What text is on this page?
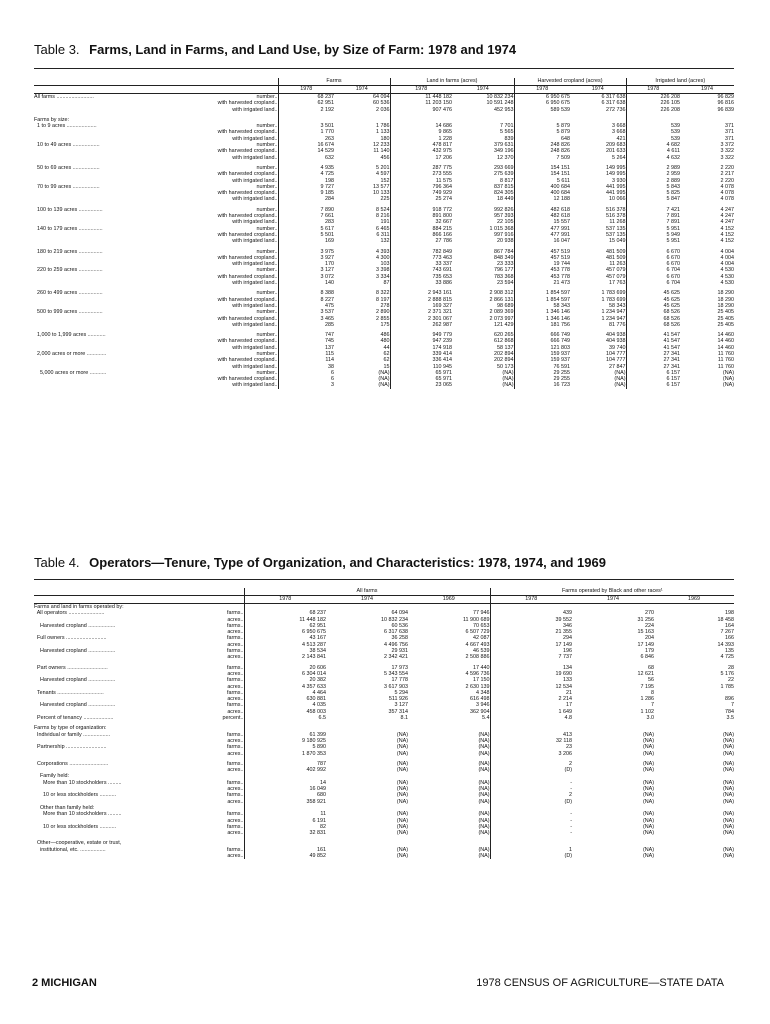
Table 3. Farms, Land in Farms, and Land Use, by Size of Farm: 1978 and 1974
		Farms		Land in farms (acres)		Harvested cropland (acres)		Irrigated land (acres)	
		1978	1974	1978	1974	1978	1974	1978	1974
All farms .........................	number..	68 237	64 094	11 448 182	10 832 234	6 950 675	6 317 638	226 208	96 829
	with harvested cropland..	62 951	60 536	11 203 150	10 591 248	6 950 675	6 317 638	226 105	96 816
	with irrigated land..	2 192	2 036	907 476	452 953	589 539	272 736	226 208	96 839

Farms by size:									
1 to 9 acres ....................	number..	3 501	1 786	14 686	7 701	5 879	3 668	539	371
	with harvested cropland..	1 770	1 133	9 865	5 565	5 879	3 668	539	371
	with irrigated land..	263	180	1 228	839	648	421	539	371
10 to 49 acres ..................	number..	16 674	12 233	478 817	379 631	248 826	209 683	4 682	3 372
	with harvested cropland..	14 529	11 140	432 975	349 196	248 826	201 633	4 611	3 322
	with irrigated land..	632	456	17 206	12 370	7 509	5 264	4 632	3 322

50 to 69 acres ..................	number..	4 935	5 201	287 775	293 669	154 151	149 995	2 989	2 220
	with harvested cropland..	4 725	4 597	273 555	275 639	154 151	149 995	2 959	2 217
	with irrigated land..	198	152	11 575	8 817	5 611	3 930	2 889	2 220
70 to 99 acres ..................	number..	9 727	13 577	796 364	837 815	400 684	441 995	5 843	4 078
	with harvested cropland..	9 185	10 133	749 929	824 305	400 684	441 995	5 825	4 078
	with irrigated land..	284	225	25 274	18 449	12 188	10 066	5 847	4 078

100 to 139 acres ................	number..	7 890	8 524	918 772	992 826	482 618	516 378	7 421	4 247
	with harvested cropland..	7 661	8 216	891 800	957 393	482 618	516 378	7 891	4 247
	with irrigated land..	283	191	32 667	22 105	15 557	11 268	7 891	4 247
140 to 179 acres ................	number..	5 617	6 465	884 215	1 015 368	477 991	537 135	5 951	4 152
	with harvested cropland..	5 501	6 311	866 166	997 916	477 991	537 135	5 949	4 152
	with irrigated land..	169	132	27 786	20 938	16 047	15 049	5 951	4 152

180 to 219 acres ................	number..	3 975	4 393	782 849	867 784	457 519	481 509	6 670	4 004
	with harvested cropland..	3 927	4 300	773 463	848 349	457 519	481 509	6 670	4 004
	with irrigated land..	170	103	33 337	23 333	19 744	11 263	6 670	4 004
220 to 259 acres ................	number..	3 127	3 398	743 691	796 177	453 778	457 079	6 704	4 530
	with harvested cropland..	3 072	3 334	735 653	783 368	453 778	457 079	6 670	4 530
	with irrigated land..	140	87	33 886	23 594	21 473	17 763	6 704	4 530

260 to 499 acres ................	number..	8 388	8 322	2 943 161	2 908 312	1 854 597	1 783 699	45 625	18 290
	with harvested cropland..	8 227	8 197	2 888 815	2 866 131	1 854 597	1 783 699	45 625	18 290
	with irrigated land..	475	278	169 327	98 689	58 343	58 343	45 625	18 290
500 to 999 acres ................	number..	3 537	2 890	2 371 321	2 089 369	1 346 146	1 234 947	68 526	25 405
	with harvested cropland..	3 465	2 855	2 301 067	2 073 997	1 346 146	1 234 947	68 526	25 405
	with irrigated land..	285	175	262 987	121 429	181 756	81 776	68 526	25 405

1,000 to 1,999 acres ............	number..	747	486	949 779	620 265	666 749	404 938	41 547	14 460
	with harvested cropland..	745	480	947 239	612 868	666 749	404 938	41 547	14 460
	with irrigated land..	137	44	174 918	58 137	121 803	39 740	41 547	14 460
2,000 acres or more .............	number..	115	62	339 414	202 894	159 937	104 777	27 341	11 760
	with harvested cropland..	114	62	336 414	202 894	159 937	104 777	27 341	11 760
	with irrigated land..	38	15	110 945	50 173	76 591	27 847	27 341	11 760
5,000 acres or more ...........	number..	6	(NA)	65 971	(NA)	29 255	(NA)	6 157	(NA)
	with harvested cropland..	6	(NA)	65 971	(NA)	29 255	(NA)	6 157	(NA)
	with irrigated land..	3	(NA)	23 065	(NA)	16 723	(NA)	6 157	(NA)
Table 4. Operators—Tenure, Type of Organization, and Characteristics: 1978, 1974, and 1969
		All farms			Farms operated by Black and other races¹		
		1978	1974	1969	1978	1974	1969
Farms and land in farms operated by:							
All operators ........................	farms..	68 237	64 094	77 946	439	270	198
	acres..	11 448 182	10 832 234	11 900 689	39 552	31 256	18 458
Harvested cropland ..................	farms..	62 951	60 536	70 653	346	224	164
	acres..	6 950 675	6 317 638	6 507 729	21 355	15 163	7 267
Full owners ...........................	farms..	43 167	36 258	42 087	294	204	166
	acres..	4 513 287	4 496 756	4 667 493	17 149	17 149	14 393
Harvested cropland ..................	farms..	38 534	29 931	46 539	196	179	135
	acres..	2 143 841	2 342 421	2 508 886	7 737	6 846	4 725

Part owners ...........................	farms..	20 606	17 973	17 440	134	68	28
	acres..	6 304 014	5 343 554	4 596 736	19 690	12 621	5 176
Harvested cropland ..................	farms..	20 382	17 778	17 150	133	56	22
	acres..	4 357 633	3 617 903	2 630 139	12 534	7 195	1 785
Tenants ...............................	farms..	4 464	5 294	4 348	21	8	
	acres..	630 881	511 926	616 498	2 214	1 286	896
Harvested cropland ..................	farms..	4 035	3 127	3 946	17	7	7
	acres..	458 003	357 314	362 904	1 649	1 102	784
Percent of tenancy ....................	percent..	6.5	8.1	5.4	4.8	3.0	3.5

Farms by type of organization:							
Individual or family ..................	farms..	61 399	(NA)	(NA)	413	(NA)	(NA)
	acres..	9 180 925	(NA)	(NA)	32 118	(NA)	(NA)
Partnership ...........................	farms..	5 890	(NA)	(NA)	23	(NA)	(NA)
	acres..	1 870 353	(NA)	(NA)	3 206	(NA)	(NA)

Corporations ..........................	farms..	787	(NA)	(NA)	2	(NA)	(NA)
	acres..	402 992	(NA)	(NA)	(D)	(NA)	(NA)
Family held:							
More than 10 stockholders .........	farms..	14	(NA)	(NA)	-	(NA)	(NA)
	acres..	16 049	(NA)	(NA)	-	(NA)	(NA)
10 or less stockholders ...........	farms..	680	(NA)	(NA)	2	(NA)	(NA)
	acres..	358 921	(NA)	(NA)	(D)	(NA)	(NA)
Other than family held:							
More than 10 stockholders .........	farms..	11	(NA)	(NA)	-	(NA)	(NA)
	acres..	6 191	(NA)	(NA)	-	(NA)	(NA)
10 or less stockholders ...........	farms..	82	(NA)	(NA)	-	(NA)	(NA)
	acres..	32 831	(NA)	(NA)	-	(NA)	(NA)

Other—cooperative, estate or trust,							
institutional, etc. .................	farms..	161	(NA)	(NA)	1	(NA)	(NA)
	acres..	49 852	(NA)	(NA)	(D)	(NA)	(NA)
2 MICHIGAN	1978 CENSUS OF AGRICULTURE—STATE DATA
